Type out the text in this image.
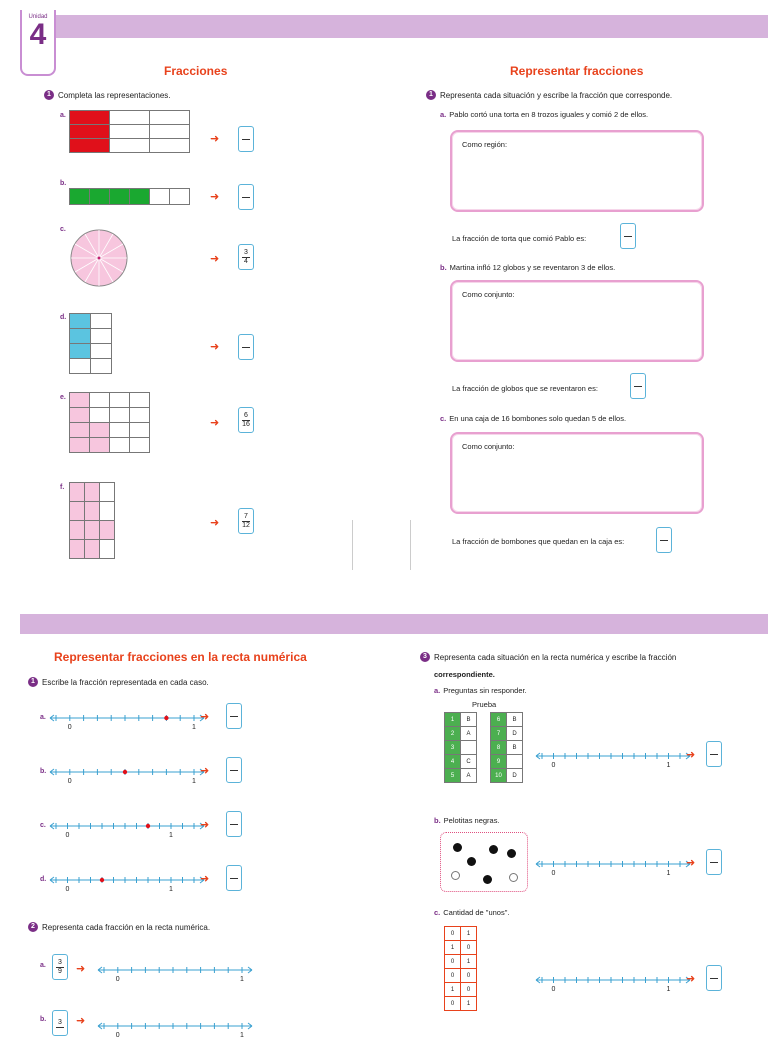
Unidad
4
Fracciones
1 Completa las representaciones.
a.

➜
b.

➜
c.
➜
3
4
d.

➜
e.

➜
6
16
f.

➜
7
12
Representar fracciones
1 Representa cada situación y escribe la fracción que corresponde.
a. Pablo cortó una torta en 8 trozos iguales y comió 2 de ellos.
Como región:
La fracción de torta que comió Pablo es:
b. Martina infló 12 globos y se reventaron 3 de ellos.
Como conjunto:
La fracción de globos que se reventaron es:
c. En una caja de 16 bombones solo quedan 5 de ellos.
Como conjunto:
La fracción de bombones que quedan en la caja es:
Representar fracciones en la recta numérica
1 Escribe la fracción representada en cada caso.
2 Representa cada fracción en la recta numérica.
a. 3
9 ➜
b. 3 ➜
3 Representa cada situación en la recta numérica y escribe la fracción
correspondiente.
a. Preguntas sin responder.
Prueba
1	B
2	A
3	
4	C
5	A
6	B
7	D
8	B
9	
10	D
b. Pelotitas negras.
c. Cantidad de "unos".
0	1
1	0
0	1
0	0
1	0
0	1
a.
0	1
➜
b.
0	1
➜
c.
0	1
➜
d.
0	1
➜
0	1
0	1
0	1
➜
0	1
➜
0	1
➜
